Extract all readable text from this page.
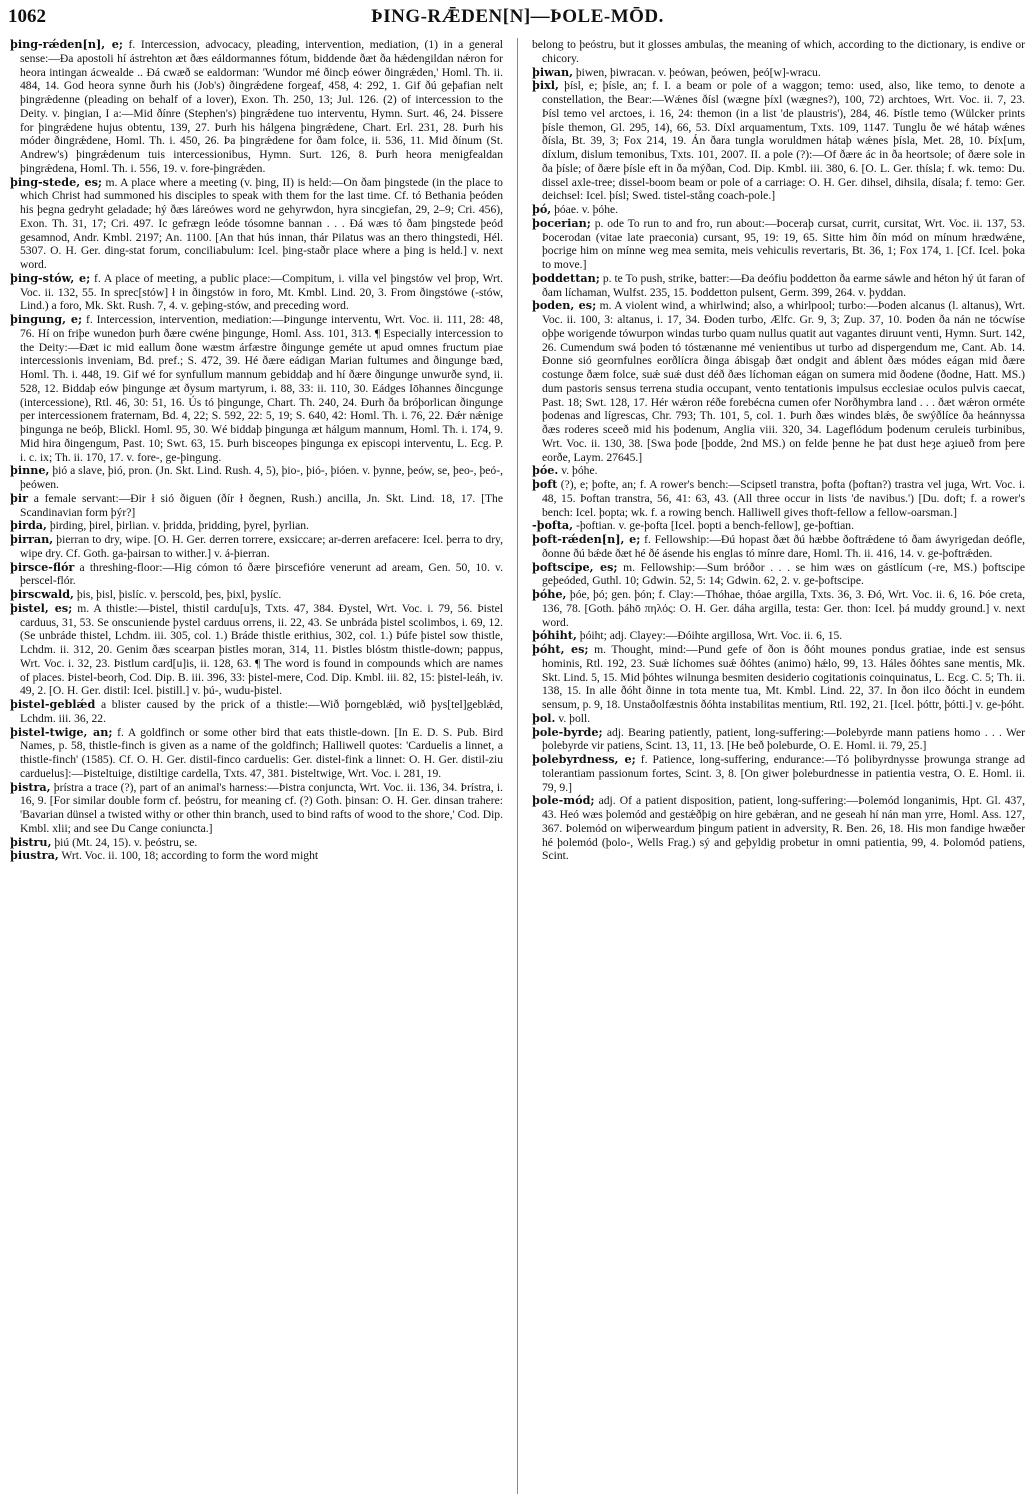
1062	ÞING-RǢDEN[N]—ÞOLE-MŌD.

þing-rǽden[n], e; f. Intercession, advocacy, pleading, intervention, mediation, (1) in a general sense:—Ða apostoli hí ástrehton æt ðæs eáldormannes fótum, biddende ðæt ða hǽdengildan nǽron for heora intingan ácwealde .. Ðá cwæð se ealdorman: 'Wundor mé ðincþ eówer ðingrǽden,' Homl. Th. ii. 484, 14. God heora synne ðurh his (Job's) ðingrǽdene forgeaf, 458, 4: 292, 1. Gif ðú geþafian nelt þingrǽdenne (pleading on behalf of a lover), Exon. Th. 250, 13; Jul. 126. (2) of intercession to the Deity. v. þingian, I a:—Mid ðínre (Stephen's) þingrǽdene tuo interventu, Hymn. Surt. 46, 24. Þissere for þingrǽdene hujus obtentu, 139, 27. Þurh his hálgena þingrǽdene, Chart. Erl. 231, 28. Þurh his móder ðingrǽdene, Homl. Th. i. 450, 26. Þa þingrǽdene for ðam folce, ii. 536, 11. Mid ðínum (St. Andrew's) þingrǽdenum tuis intercessionibus, Hymn. Surt. 126, 8. Þurh heora menigfealdan þingrǽdena, Homl. Th. i. 556, 19. v. fore-þingrǽden.

þing-stede, es; m. A place where a meeting (v. þing, II) is held:—On ðam þingstede (in the place to which Christ had summoned his disciples to speak with them for the last time. Cf. tó Bethania þeóden his þegna gedryht geladade; hý ðæs láreówes word ne gehyrwdon, hyra sincgiefan, 29, 2–9; Cri. 456), Exon. Th. 31, 17; Cri. 497. Ic gefrægn leóde tósomne bannan . . . Ðá wæs tó ðam þingstede þeód gesamnod, Andr. Kmbl. 2197; An. 1100. [An that hús innan, thár Pilatus was an thero thingstedi, Hél. 5307. O. H. Ger. ding-stat forum, conciliabulum: Icel. þing-staðr place where a þing is held.] v. next word.

þing-stów, e; f. A place of meeting, a public place:—Compitum, i. villa vel þingstów vel þrop, Wrt. Voc. ii. 132, 55. In sprec[stów] ł in ðingstów in foro, Mt. Kmbl. Lind. 20, 3. From ðingstówe (-stów, Lind.) a foro, Mk. Skt. Rush. 7, 4. v. geþing-stów, and preceding word.

þingung, e; f. Intercession, intervention, mediation:—Þingunge interventu, Wrt. Voc. ii. 111, 28: 48, 76. Hí on friþe wunedon þurh ðære cwéne þingunge, Homl. Ass. 101, 313. ¶ Especially intercession to the Deity:—Ðæt ic mid eallum ðone wæstm árfæstre ðingunge geméte ut apud omnes fructum piae intercessionis inveniam, Bd. pref.; S. 472, 39. Hé ðære eádigan Marian fultumes and ðingunge bæd, Homl. Th. i. 448, 19. Gif wé for synfullum mannum gebiddaþ and hí ðære ðingunge unwurðe synd, ii. 528, 12. Biddaþ eów þingunge æt ðysum martyrum, i. 88, 33: ii. 110, 30. Eádges Iōhannes ðincgunge (intercessione), Rtl. 46, 30: 51, 16. Ús tó þingunge, Chart. Th. 240, 24. Ðurh ða bróþorlican ðingunge per intercessionem fraternam, Bd. 4, 22; S. 592, 22: 5, 19; S. 640, 42: Homl. Th. i. 76, 22. Ðǽr nǽnige þingunga ne beóþ, Blickl. Homl. 95, 30. Wé biddaþ þingunga æt hálgum mannum, Homl. Th. i. 174, 9. Mid hira ðingengum, Past. 10; Swt. 63, 15. Þurh bisceopes þingunga ex episcopi interventu, L. Ecg. P. i. c. ix; Th. ii. 170, 17. v. fore-, ge-þingung.

þinne, þió a slave, þió, pron. (Jn. Skt. Lind. Rush. 4, 5), þio-, þió-, þióen. v. þynne, þeów, se, þeo-, þeó-, þeówen.

þir a female servant:—Ðir ł sió ðiguen (ðír ł ðegnen, Rush.) ancilla, Jn. Skt. Lind. 18, 17. [The Scandinavian form þýr?]

þirda, þirding, þirel, þirlian. v. þridda, þridding, þyrel, þyrlian.

þirran, þierran to dry, wipe. [O. H. Ger. derren torrere, exsiccare; ar-derren arefacere: Icel. þerra to dry, wipe dry. Cf. Goth. ga-þairsan to wither.] v. á-þierran.

þirsce-flór a threshing-floor:—Hig cómon tó ðære þirscefióre venerunt ad aream, Gen. 50, 10. v. þerscel-flór.

þirscwald, þis, þisl, þislíc. v. þerscold, þes, þixl, þyslíc.

þistel, es; m. A thistle:—Þistel, thistil cardu[u]s, Txts. 47, 384. Ðystel, Wrt. Voc. i. 79, 56. Þistel carduus, 31, 53. Se onscuniende þystel carduus orrens, ii. 22, 43. Se unbráda þistel scolimbos, i. 69, 12. (Se unbráde thistel, Lchdm. iii. 305, col. 1.) Bráde thistle erithius, 302, col. 1.) Þúfe þistel sow thistle, Lchdm. ii. 312, 20. Genim ðæs scearpan þistles moran, 314, 11. Þistles blóstm thistle-down; pappus, Wrt. Voc. i. 32, 23. Þistlum card[u]is, ii. 128, 63. ¶ The word is found in compounds which are names of places. Þistel-beorh, Cod. Dip. B. iii. 396, 33: þistel-mere, Cod. Dip. Kmbl. iii. 82, 15: þistel-leáh, iv. 49, 2. [O. H. Ger. distil: Icel. þistill.] v. þú-, wudu-þistel.

þistel-geblǽd a blister caused by the prick of a thistle:—Wið þorngeblǽd, wið þys[tel]geblǽd, Lchdm. iii. 36, 22.

þistel-twige, an; f. A goldfinch or some other bird that eats thistle-down. [In E. D. S. Pub. Bird Names, p. 58, thistle-finch is given as a name of the goldfinch; Halliwell quotes: 'Carduelis a linnet, a thistle-finch' (1585). Cf. O. H. Ger. distil-finco carduelis: Ger. distel-fink a linnet: O. H. Ger. distil-ziu carduelus]:—Þisteltuige, distiltige cardella, Txts. 47, 381. Þisteltwige, Wrt. Voc. i. 281, 19.

þistra, þrístra a trace (?), part of an animal's harness:—Þistra conjuncta, Wrt. Voc. ii. 136, 34. Þrístra, i. 16, 9. [For similar double form cf. þeóstru, for meaning cf. (?) Goth. þinsan: O. H. Ger. dinsan trahere: 'Bavarian dünsel a twisted withy or other thin branch, used to bind rafts of wood to the shore,' Cod. Dip. Kmbl. xlii; and see Du Cange coniuncta.]

þistru, þiú (Mt. 24, 15). v. þeóstru, se.

þiustra, Wrt. Voc. ii. 100, 18; according to form the word might

belong to þeóstru, but it glosses ambulas, the meaning of which, according to the dictionary, is endive or chicory.

þiwan, þiwen, þiwracan. v. þeówan, þeówen, þeó[w]-wracu.

þixl, þísl, e; þísle, an; f. I. a beam or pole of a waggon; temo: used, also, like temo, to denote a constellation, the Bear:—Wǽnes ðísl (wægne þíxl (wægnes?), 100, 72) archtoes, Wrt. Voc. ii. 7, 23. Þísl temo vel arctoes, i. 16, 24: themon (in a list 'de plaustris'), 284, 46. Þístle temo (Wülcker prints þísle themon, Gl. 295, 14), 66, 53. Díxl arquamentum, Txts. 109, 1147. Tunglu ðe wé hátaþ wǽnes ðísla, Bt. 39, 3; Fox 214, 19. Án ðara tungla woruldmen hátaþ wǽnes þísla, Met. 28, 10. Þíx[um, díxlum, dislum temonibus, Txts. 101, 2007. II. a pole (?):—Of ðære ác in ða heortsole; of ðære sole in ða þísle; of ðære þísle eft in ða mýðan, Cod. Dip. Kmbl. iii. 380, 6. [O. L. Ger. thísla; f. wk. temo: Du. dissel axle-tree; dissel-boom beam or pole of a carriage: O. H. Ger. dihsel, dihsila, dísala; f. temo: Ger. deichsel: Icel. þísl; Swed. tistel-stång coach-pole.]

þó, þóae. v. þóhe.

þocerian; p. ode To run to and fro, run about:—Þoceraþ cursat, currit, cursitat, Wrt. Voc. ii. 137, 53. Þocerodan (vitae late praeconia) cursant, 95, 19: 19, 65. Sitte him ðín mód on mínum hrædwǽne, þocrige him on mínne weg mea semita, meis vehiculis revertaris, Bt. 36, 1; Fox 174, 1. [Cf. Icel. þoka to move.]

þoddettan; p. te To push, strike, batter:—Ða deófiu þoddetton ða earme sáwle and héton hý út faran of ðam líchaman, Wulfst. 235, 15. Þoddetton pulsent, Germ. 399, 264. v. þyddan.

þoden, es; m. A violent wind, a whirlwind; also, a whirlpool; turbo:—Þoden alcanus (l. altanus), Wrt. Voc. ii. 100, 3: altanus, i. 17, 34. Ðoden turbo, Ælfc. Gr. 9, 3; Zup. 37, 10. Þoden ða nán ne tócwíse oþþe worigende tówurpon windas turbo quam nullus quatit aut vagantes diruunt venti, Hymn. Surt. 142, 26. Cumendum swá þoden tó tóstænanne mé venientibus ut turbo ad dispergendum me, Cant. Ab. 14. Ðonne sió geornfulnes eorðlícra ðinga ábisgaþ ðæt ondgit and áblent ðæs módes eágan mid ðære costunge ðæm folce, suǽ suǽ dust déð ðæs líchoman eágan on sumera mid ðodene (ðodne, Hatt. MS.) dum pastoris sensus terrena studia occupant, vento tentationis impulsus ecclesiae oculos pulvis caecat, Past. 18; Swt. 128, 17. Hér wǽron réðe forebécna cumen ofer Norðhymbra land . . . ðæt wǽron orméte þodenas and lígrescas, Chr. 793; Th. 101, 5, col. 1. Þurh ðæs windes blǽs, ðe swýðlíce ða heánnyssa ðæs roderes sceeð mid his þodenum, Anglia viii. 320, 34. Lageflódum þodenum ceruleis turbinibus, Wrt. Voc. ii. 130, 38. [Swa þode [þodde, 2nd MS.) on felde þenne he þat dust heȝe aȝiueð from þere eorðe, Laym. 27645.]

þóe. v. þóhe.

þoft (?), e; þofte, an; f. A rower's bench:—Scipsetl transtra, þofta (þoftan?) trastra vel juga, Wrt. Voc. i. 48, 15. Þoftan transtra, 56, 41: 63, 43. (All three occur in lists 'de navibus.') [Du. doft; f. a rower's bench: Icel. þopta; wk. f. a rowing bench. Halliwell gives thoft-fellow a fellow-oarsman.]

-þofta, -þoftian. v. ge-þofta [Icel. þopti a bench-fellow], ge-þoftian.

þoft-rǽden[n], e; f. Fellowship:—Ðú hopast ðæt ðú hæbbe ðoftrǽdene tó ðam áwyrigedan deófle, ðonne ðú bǽde ðæt hé ðé ásende his englas tó mínre dare, Homl. Th. ii. 416, 14. v. ge-þoftrǽden.

þoftscipe, es; m. Fellowship:—Sum bróðor . . . se him wæs on gástlícum (-re, MS.) þoftscipe geþeóded, Guthl. 10; Gdwin. 52, 5: 14; Gdwin. 62, 2. v. ge-þoftscipe.

þóhe, þóe, þó; gen. þón; f. Clay:—Thóhae, thóae argilla, Txts. 36, 3. Ðó, Wrt. Voc. ii. 6, 16. Þóe creta, 136, 78. [Goth. þáhō πηλός: O. H. Ger. dáha argilla, testa: Ger. thon: Icel. þá muddy ground.] v. next word.

þóhiht, þóiht; adj. Clayey:—Ðóihte argillosa, Wrt. Voc. ii. 6, 15.

þóht, es; m. Thought, mind:—Pund gefe of ðon is ðóht mounes pondus gratiae, inde est sensus hominis, Rtl. 192, 23. Suǽ líchomes suǽ ðóhtes (animo) hǽlo, 99, 13. Háles ðóhtes sane mentis, Mk. Skt. Lind. 5, 15. Mid þóhtes wilnunga besmiten desiderio cogitationis coinquinatus, L. Ecg. C. 5; Th. ii. 138, 15. In alle ðóht ðinne in tota mente tua, Mt. Kmbl. Lind. 22, 37. In ðon ilco ðócht in eundem sensum, p. 9, 18. Unstaðolfæstnis ðóhta instabilitas mentium, Rtl. 192, 21. [Icel. þóttr, þótti.] v. ge-þóht.

þol. v. þoll.

þole-byrde; adj. Bearing patiently, patient, long-suffering:—Þolebyrde mann patiens homo . . . Wer þolebyrde vir patiens, Scint. 13, 11, 13. [He beð þoleburde, O. E. Homl. ii. 79, 25.]

þolebyrdness, e; f. Patience, long-suffering, endurance:—Tó þolibyrdnysse þrowunga strange ad tolerantiam passionum fortes, Scint. 3, 8. [On giwer þoleburdnesse in patientia vestra, O. E. Homl. ii. 79, 9.]

þole-mód; adj. Of a patient disposition, patient, long-suffering:—Þolemód longanimis, Hpt. Gl. 437, 43. Heó wæs þolemód and gestǽðþig on hire gebǽran, and ne geseah hí nán man yrre, Homl. Ass. 127, 367. Þolemód on wiþerweardum þingum patient in adversity, R. Ben. 26, 18. His mon fandige hwæðer hé þolemód (þolo-, Wells Frag.) sý and geþyldig probetur in omni patientia, 99, 4. Þolomód patiens, Scint.
